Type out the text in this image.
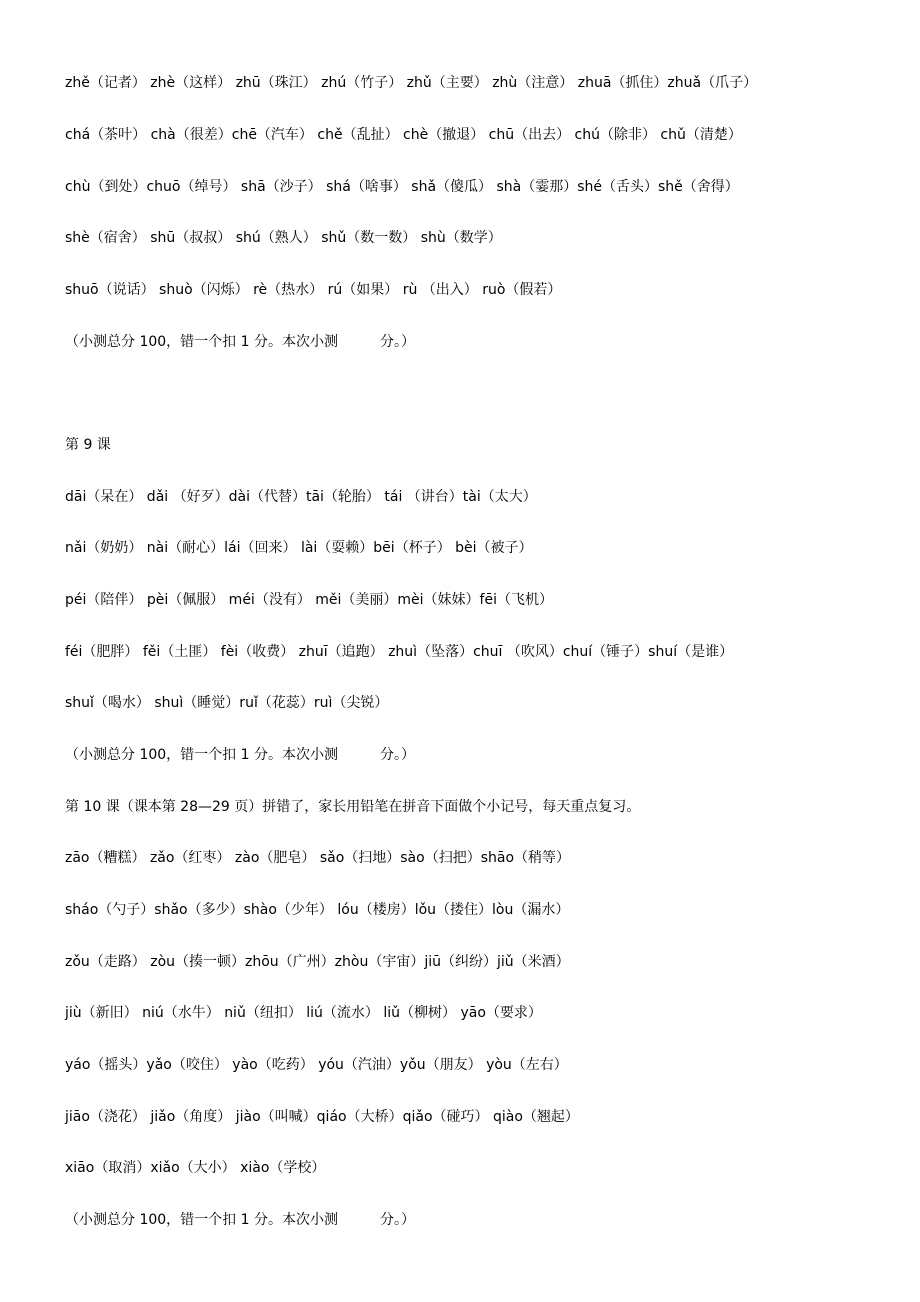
zhě（记者） zhè（这样） zhū（珠江） zhú（竹子） zhǔ（主要） zhù（注意） zhuā（抓住）zhuǎ（爪子）
chá（茶叶） chà（很差）chē（汽车） chě（乱扯） chè（撤退） chū（出去） chú（除非） chǔ（清楚）
chù（到处）chuō（绰号） shā（沙子） shá（啥事） shǎ（傻瓜） shà（霎那）shé（舌头）shě（舍得）
shè（宿舍） shū（叔叔） shú（熟人） shǔ（数一数） shù（数学）
shuō（说话） shuò（闪烁） rè（热水） rú（如果） rù （出入） ruò（假若）
（小测总分 100，错一个扣 1 分。本次小测　　　分。）
第 9 课
dāi（呆在） dǎi （好歹）dài（代替）tāi（轮胎） tái （讲台）tài（太大）
nǎi（奶奶） nài（耐心）lái（回来） lài（耍赖）bēi（杯子） bèi（被子）
péi（陪伴） pèi（佩服） méi（没有） měi（美丽）mèi（妹妹）fēi（飞机）
féi（肥胖） fěi（土匪） fèi（收费） zhuī（追跑） zhuì（坠落）chuī （吹风）chuí（锤子）shuí（是谁）
shuǐ（喝水） shuì（睡觉）ruǐ（花蕊）ruì（尖锐）
（小测总分 100，错一个扣 1 分。本次小测　　　分。）
第 10 课（课本第 28—29 页）拼错了，家长用铅笔在拼音下面做个小记号，每天重点复习。
zāo（糟糕） zǎo（红枣） zào（肥皂） sǎo（扫地）sào（扫把）shāo（稍等）
sháo（勺子）shǎo（多少）shào（少年） lóu（楼房）lǒu（搂住）lòu（漏水）
zǒu（走路） zòu（揍一顿）zhōu（广州）zhòu（宇宙）jiū（纠纷）jiǔ（米酒）
jiù（新旧） niú（水牛） niǔ（纽扣） liú（流水） liǔ（柳树） yāo（要求）
yáo（摇头）yǎo（咬住） yào（吃药） yóu（汽油）yǒu（朋友） yòu（左右）
jiāo（浇花） jiǎo（角度） jiào（叫喊）qiáo（大桥）qiǎo（碰巧） qiào（翘起）
xiāo（取消）xiǎo（大小） xiào（学校）
（小测总分 100，错一个扣 1 分。本次小测　　　分。）
